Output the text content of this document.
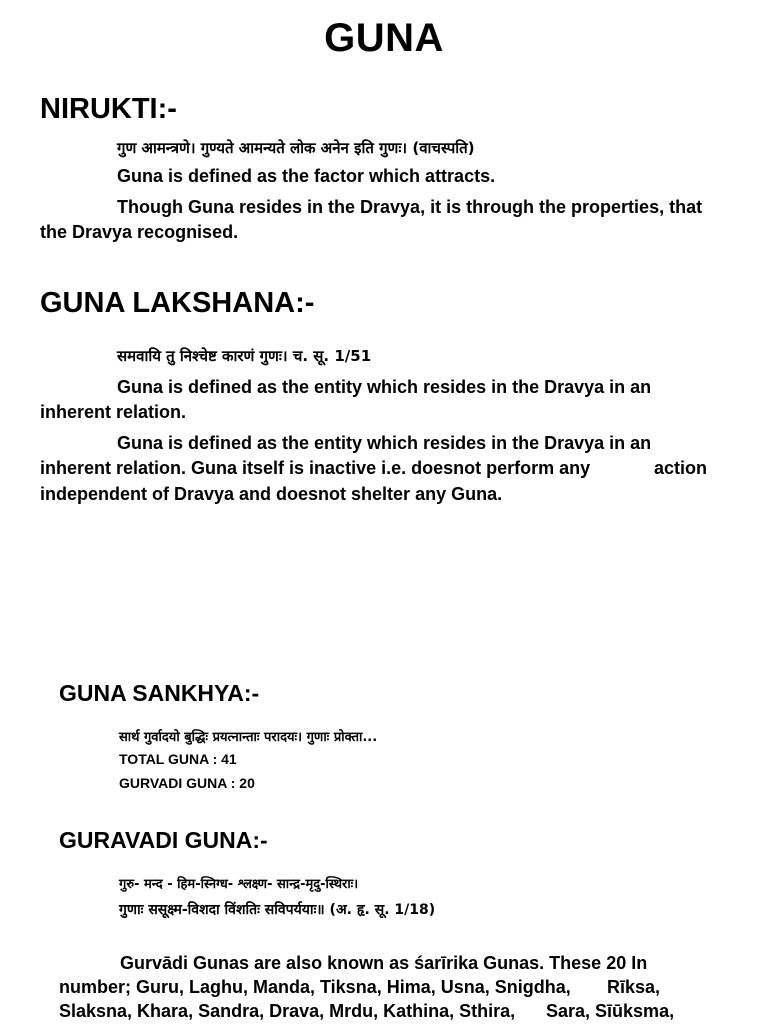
GUNA
NIRUKTI:-
गुण आमन्त्रणे। गुण्यते आमन्यते लोक अनेन इति गुणः। (वाचस्पति)
Guna is defined as the factor which attracts.
Though Guna resides in the Dravya, it is through the properties, that
the Dravya recognised.
GUNA LAKSHANA:-
समवायि तु निश्चेष्ट कारणं गुणः। च. सू. 1/51
Guna is defined as the entity which resides in the Dravya in an
inherent relation.
Guna is defined as the entity which resides in the Dravya in an
inherent relation. Guna itself is inactive i.e. doesnot perform any	action
independent of Dravya and doesnot shelter any Guna.
GUNA SANKHYA:-
सार्थ गुर्वादयो बुद्धिः प्रयत्नान्ताः परादयः। गुणाः प्रोक्ता...
TOTAL GUNA : 41
GURVADI GUNA : 20
GURAVADI GUNA:-
गुरु- मन्द - हिम-स्निग्ध- श्लक्ष्ण- सान्द्र-मृदु-स्थिराः।
गुणाः ससूक्ष्म-विशदा विंशतिः सविपर्ययाः॥ (अ. हृ. सू. 1/18)
Gurvādi Gunas are also known as śarīrika Gunas. These 20 In
number; Guru, Laghu, Manda, Tiksna, Hima, Usna, Snigdha, Rīksa,
Slaksna, Khara, Sandra, Drava, Mrdu, Kathina, Sthira, Sara, Sīūksma,
